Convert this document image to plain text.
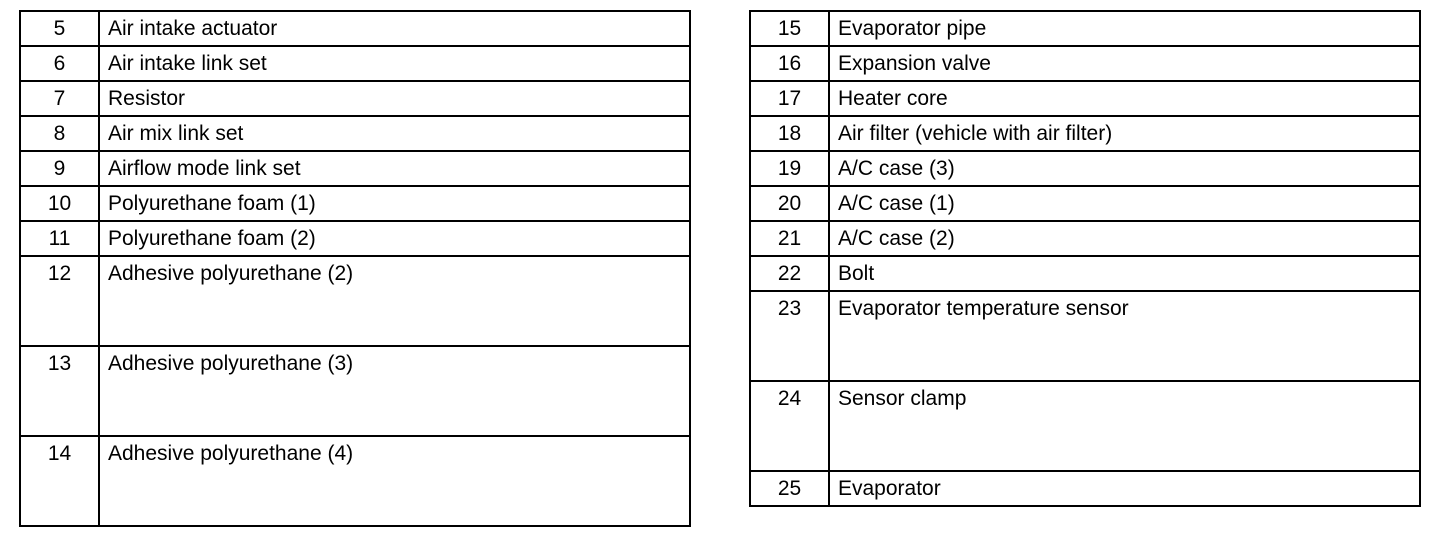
5	Air intake actuator
6	Air intake link set
7	Resistor
8	Air mix link set
9	Airflow mode link set
10	Polyurethane foam (1)
11	Polyurethane foam (2)
12	Adhesive polyurethane (2)
13	Adhesive polyurethane (3)
14	Adhesive polyurethane (4)
15	Evaporator pipe
16	Expansion valve
17	Heater core
18	Air filter (vehicle with air filter)
19	A/C case (3)
20	A/C case (1)
21	A/C case (2)
22	Bolt
23	Evaporator temperature sensor
24	Sensor clamp
25	Evaporator
